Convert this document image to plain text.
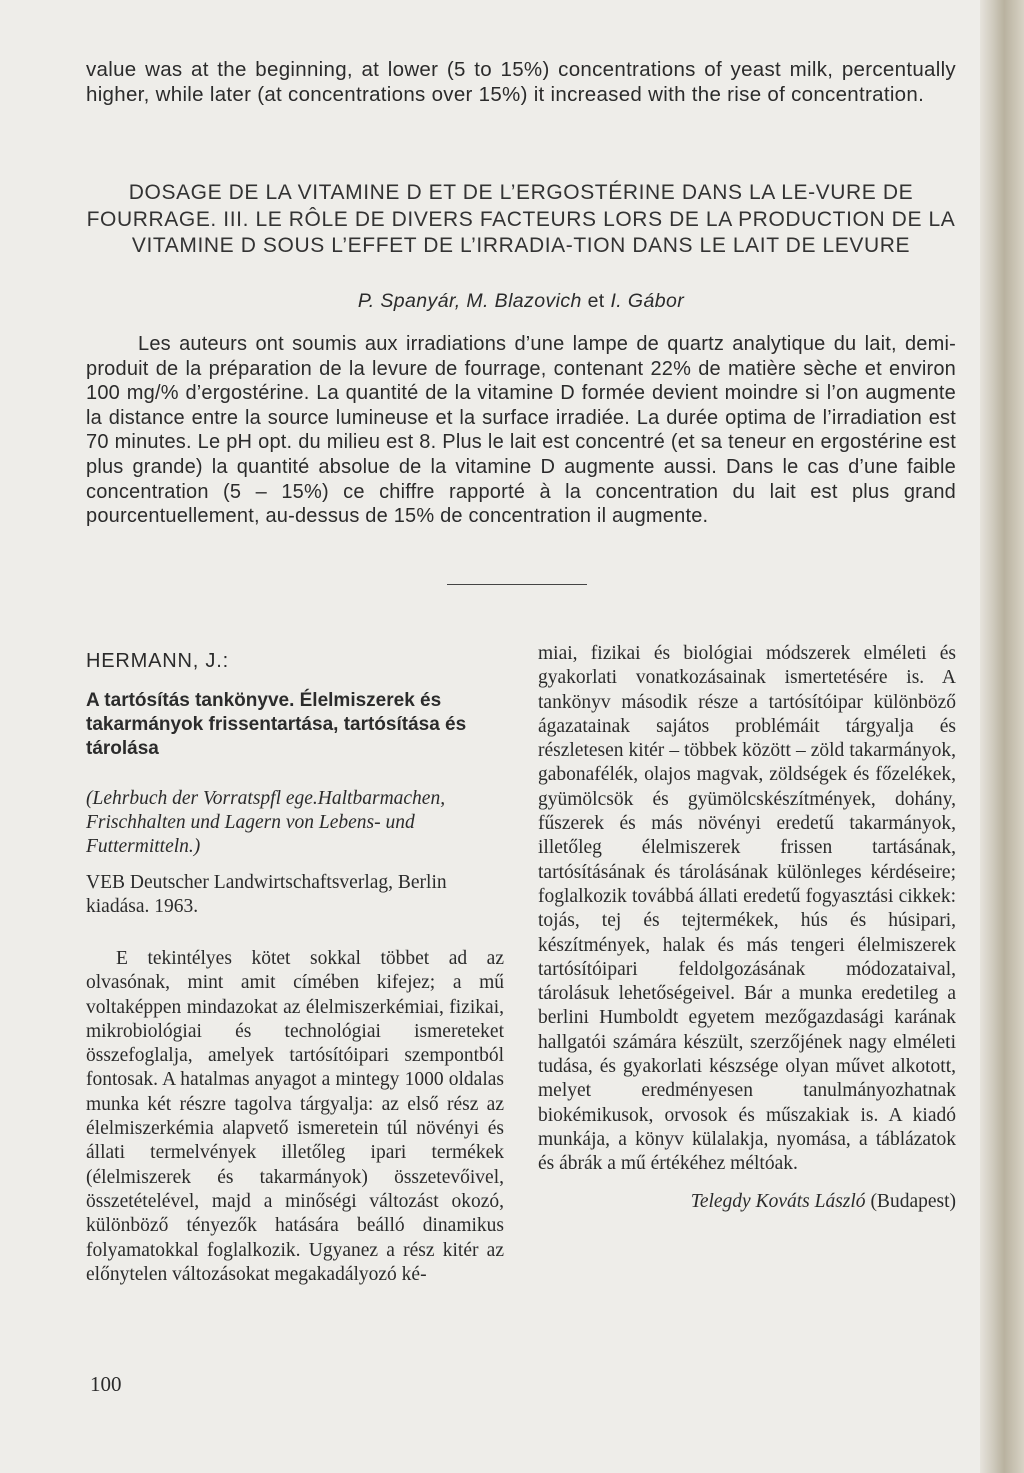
value was at the beginning, at lower (5 to 15%) concentrations of yeast milk, percentually higher, while later (at concentrations over 15%) it increased with the rise of concentration.
DOSAGE DE LA VITAMINE D ET DE L’ERGOSTÉRINE DANS LA LE-VURE DE FOURRAGE. III. LE RÔLE DE DIVERS FACTEURS LORS DE LA PRODUCTION DE LA VITAMINE D SOUS L’EFFET DE L’IRRADIA-TION DANS LE LAIT DE LEVURE
P. Spanyár, M. Blazovich et I. Gábor

Les auteurs ont soumis aux irradiations d’une lampe de quartz analytique du lait, demi-produit de la préparation de la levure de fourrage, contenant 22% de matière sèche et environ 100 mg/% d’ergostérine. La quantité de la vitamine D formée devient moindre si l’on augmente la distance entre la source lumineuse et la surface irradiée. La durée optima de l’irradiation est 70 minutes. Le pH opt. du milieu est 8. Plus le lait est concentré (et sa teneur en ergostérine est plus grande) la quantité absolue de la vitamine D augmente aussi. Dans le cas d’une faible concentration (5 – 15%) ce chiffre rapporté à la concentration du lait est plus grand pourcentuellement, au-dessus de 15% de concentration il augmente.

HERMANN, J.:
A tartósítás tankönyve. Élelmiszerek és takarmányok frissentartása, tartósítása és tárolása
(Lehrbuch der Vorratspfl ege.Haltbarmachen, Frischhalten und Lagern von Lebens- und Futtermitteln.)
VEB Deutscher Landwirtschaftsverlag, Berlin kiadása. 1963.

E tekintélyes kötet sokkal többet ad az olvasónak, mint amit címében kifejez; a mű voltaképpen mindazokat az élelmiszerkémiai, fizikai, mikrobiológiai és technológiai ismereteket összefoglalja, amelyek tartósítóipari szempontból fontosak. A hatalmas anyagot a mintegy 1000 oldalas munka két részre tagolva tárgyalja: az első rész az élelmiszerkémia alapvető ismeretein túl növényi és állati termelvények illetőleg ipari termékek (élelmiszerek és takarmányok) összetevőivel, összetételével, majd a minőségi változást okozó, különböző tényezők hatására beálló dinamikus folyamatokkal foglalkozik. Ugyanez a rész kitér az előnytelen változásokat megakadályozó ké-

miai, fizikai és biológiai módszerek elméleti és gyakorlati vonatkozásainak ismertetésére is. A tankönyv második része a tartósítóipar különböző ágazatainak sajátos problémáit tárgyalja és részletesen kitér – többek között – zöld takarmányok, gabonafélék, olajos magvak, zöldségek és főzelékek, gyümölcsök és gyümölcskészítmények, dohány, fűszerek és más növényi eredetű takarmányok, illetőleg élelmiszerek frissen tartásának, tartósításának és tárolásának különleges kérdéseire; foglalkozik továbbá állati eredetű fogyasztási cikkek: tojás, tej és tejtermékek, hús és húsipari, készítmények, halak és más tengeri élelmiszerek tartósítóipari feldolgozásának módozataival, tárolásuk lehetőségeivel. Bár a munka eredetileg a berlini Humboldt egyetem mezőgazdasági karának hallgatói számára készült, szerzőjének nagy elméleti tudása, és gyakorlati készsége olyan művet alkotott, melyet eredményesen tanulmányozhatnak biokémikusok, orvosok és műszakiak is. A kiadó munkája, a könyv külalakja, nyomása, a táblázatok és ábrák a mű értékéhez méltóak.

Telegdy Kováts László (Budapest)
100
